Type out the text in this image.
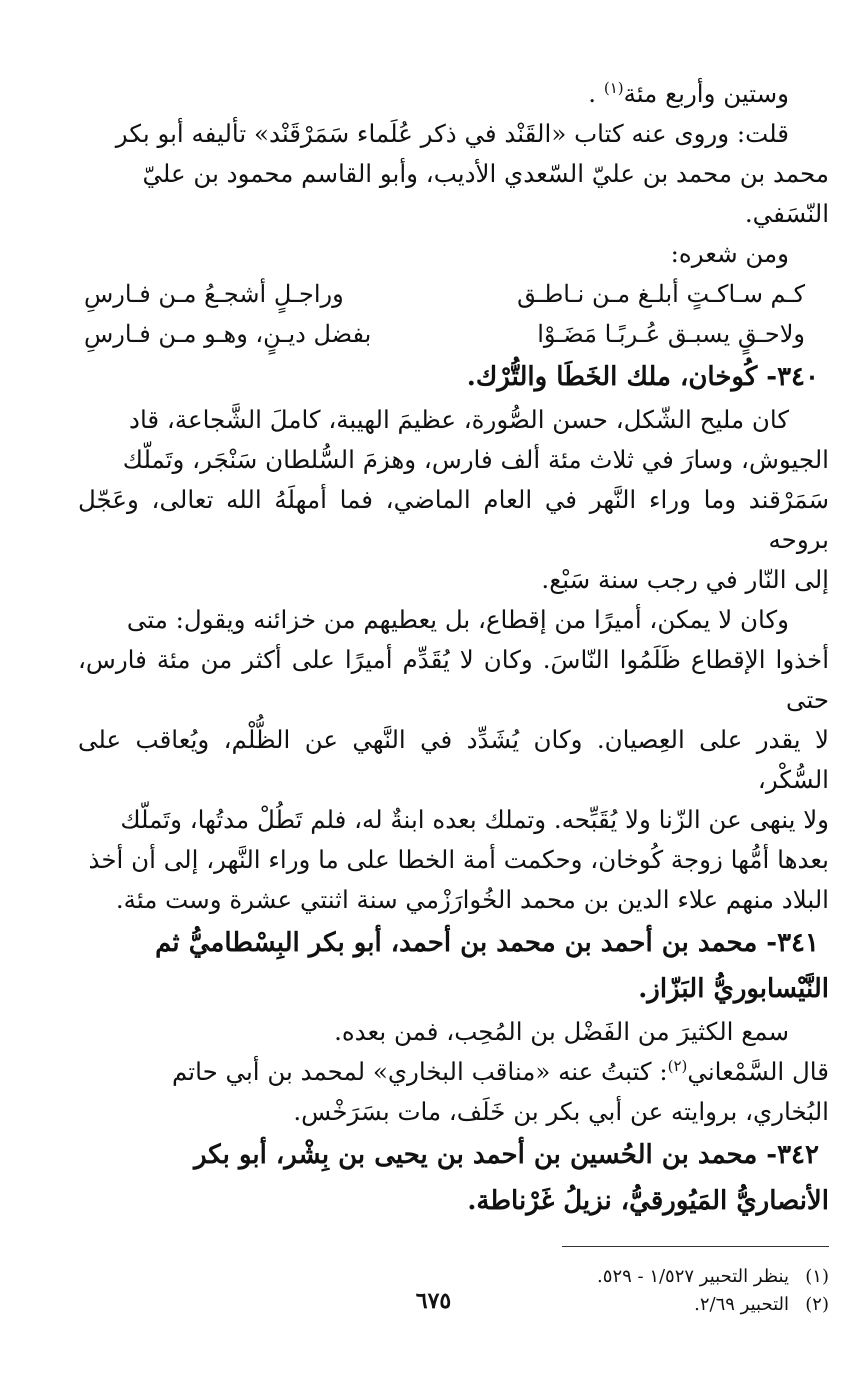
وستين وأربع مئة$^{(١)}$ .

قلت: وروى عنه كتاب «القَنْد في ذكر عُلَماء سَمَرْقَنْد» تأليفه أبو بكر

محمد بن محمد بن عليّ السّعدي الأديب، وأبو القاسم محمود بن عليّ

النّسَفي.

ومن شعره:

كـم سـاكـتٍ أبلـغ مـن نـاطـق
وراجـلٍ أشجـعُ مـن فـارسِ
ولاحـقٍ يسبـق عُـربًـا مَضَـوْا
بفضل ديـنٍ، وهـو مـن فـارسِ

٣٤٠- كُوخان، ملك الخَطَا والتُّرْك.

كان مليح الشّكل، حسن الصُّورة، عظيمَ الهيبة، كاملَ الشَّجاعة، قاد

الجيوش، وسارَ في ثلاث مئة ألف فارس، وهزمَ السُّلطان سَنْجَر، وتَملّك

سَمَرْقند وما وراء النَّهر في العام الماضي، فما أمهلَهُ الله تعالى، وعَجّل بروحه

إلى النّار في رجب سنة سَبْع.

وكان لا يمكن، أميرًا من إقطاع، بل يعطيهم من خزائنه ويقول: متى

أخذوا الإقطاع ظَلَمُوا النّاسَ. وكان لا يُقَدِّم أميرًا على أكثر من مئة فارس، حتى

لا يقدر على العِصيان. وكان يُشَدِّد في النَّهي عن الظُّلْم، ويُعاقب على السُّكْر،

ولا ينهى عن الزّنا ولا يُقَبِّحه. وتملك بعده ابنةٌ له، فلم تَطُلْ مدتُها، وتَملّك

بعدها أمُّها زوجة كُوخان، وحكمت أمة الخطا على ما وراء النَّهر، إلى أن أخذ

البلاد منهم علاء الدين بن محمد الخُوارَزْمي سنة اثنتي عشرة وست مئة.

٣٤١- محمد بن أحمد بن محمد بن أحمد، أبو بكر البِسْطاميُّ ثم

النَّيْسابوريُّ البَزّاز.

سمع الكثيرَ من الفَضْل بن المُحِب، فمن بعده.

قال السَّمْعاني$^{(٢)}$: كتبتُ عنه «مناقب البخاري» لمحمد بن أبي حاتم

البُخاري، بروايته عن أبي بكر بن خَلَف، مات بسَرَخْس.

٣٤٢- محمد بن الحُسين بن أحمد بن يحيى بن بِشْر، أبو بكر

الأنصاريُّ المَيُورقيُّ، نزيلُ غَرْناطة.

(١)ينظر التحبير ١/٥٢٧ - ٥٢٩.

(٢)التحبير ٢/٦٩.

٦٧٥
